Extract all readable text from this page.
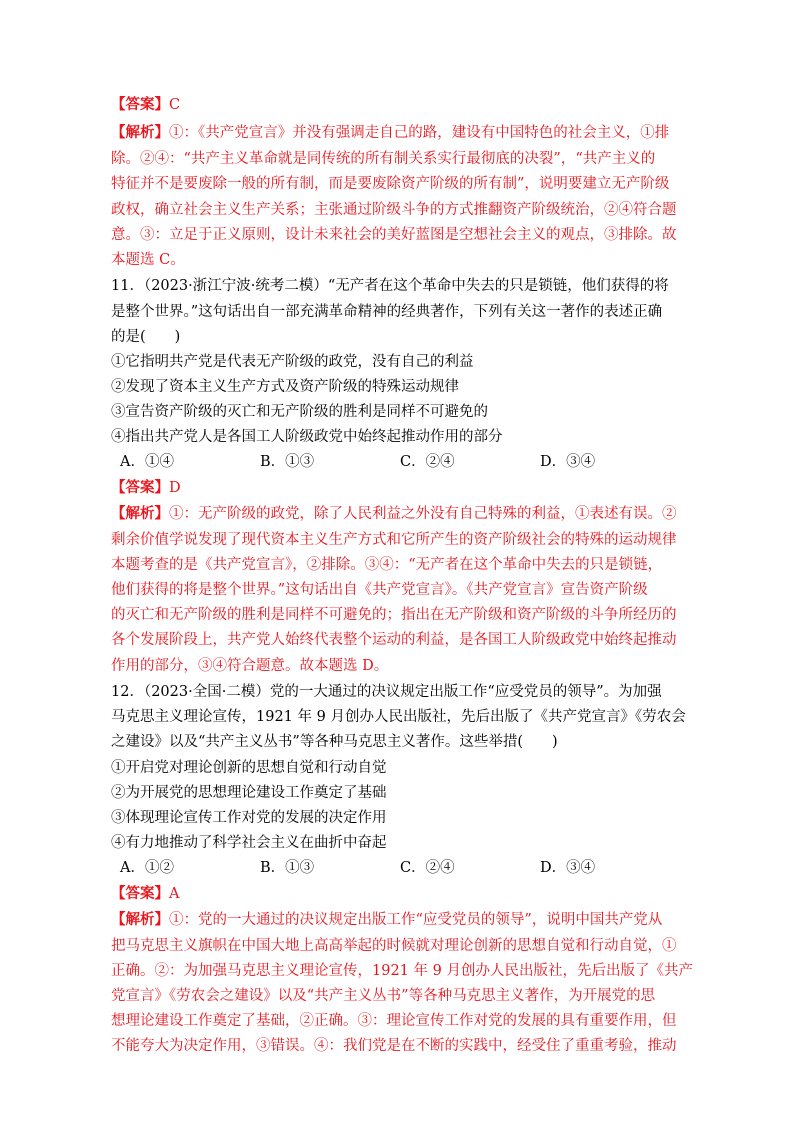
【答案】C
【解析】①：《共产党宣言》并没有强调走自己的路，建设有中国特色的社会主义，①排
除。②④：“共产主义革命就是同传统的所有制关系实行最彻底的决裂”，“共产主义的
特征并不是要废除一般的所有制，而是要废除资产阶级的所有制”，说明要建立无产阶级
政权，确立社会主义生产关系；主张通过阶级斗争的方式推翻资产阶级统治，②④符合题
意。③：立足于正义原则，设计未来社会的美好蓝图是空想社会主义的观点，③排除。故
本题选 C。
11．（2023·浙江宁波·统考二模）“无产者在这个革命中失去的只是锁链，他们获得的将
是整个世界。”这句话出自一部充满革命精神的经典著作，下列有关这一著作的表述正确
的是(　　)
①它指明共产党是代表无产阶级的政党，没有自己的利益
②发现了资本主义生产方式及资产阶级的特殊运动规律
③宣告资产阶级的灭亡和无产阶级的胜利是同样不可避免的
④指出共产党人是各国工人阶级政党中始终起推动作用的部分
A．①④	B．①③	C．②④	D．③④
【答案】D
【解析】①：无产阶级的政党，除了人民利益之外没有自己特殊的利益，①表述有误。②
剩余价值学说发现了现代资本主义生产方式和它所产生的资产阶级社会的特殊的运动规律
本题考查的是《共产党宣言》，②排除。③④：“无产者在这个革命中失去的只是锁链，
他们获得的将是整个世界。”这句话出自《共产党宣言》。《共产党宣言》宣告资产阶级
的灭亡和无产阶级的胜利是同样不可避免的；指出在无产阶级和资产阶级的斗争所经历的
各个发展阶段上，共产党人始终代表整个运动的利益，是各国工人阶级政党中始终起推动
作用的部分，③④符合题意。故本题选 D。
12．（2023·全国·二模）党的一大通过的决议规定出版工作“应受党员的领导”。为加强
马克思主义理论宣传，1921 年 9 月创办人民出版社，先后出版了《共产党宣言》《劳农会
之建设》以及“共产主义丛书”等各种马克思主义著作。这些举措(　　)
①开启党对理论创新的思想自觉和行动自觉
②为开展党的思想理论建设工作奠定了基础
③体现理论宣传工作对党的发展的决定作用
④有力地推动了科学社会主义在曲折中奋起
A．①②	B．①③	C．②④	D．③④
【答案】A
【解析】①：党的一大通过的决议规定出版工作“应受党员的领导”，说明中国共产党从
把马克思主义旗帜在中国大地上高高举起的时候就对理论创新的思想自觉和行动自觉，①
正确。②：为加强马克思主义理论宣传，1921 年 9 月创办人民出版社，先后出版了《共产
党宣言》《劳农会之建设》以及“共产主义丛书”等各种马克思主义著作，为开展党的思
想理论建设工作奠定了基础，②正确。③：理论宣传工作对党的发展的具有重要作用，但
不能夸大为决定作用，③错误。④：我们党是在不断的实践中，经受住了重重考验，推动
